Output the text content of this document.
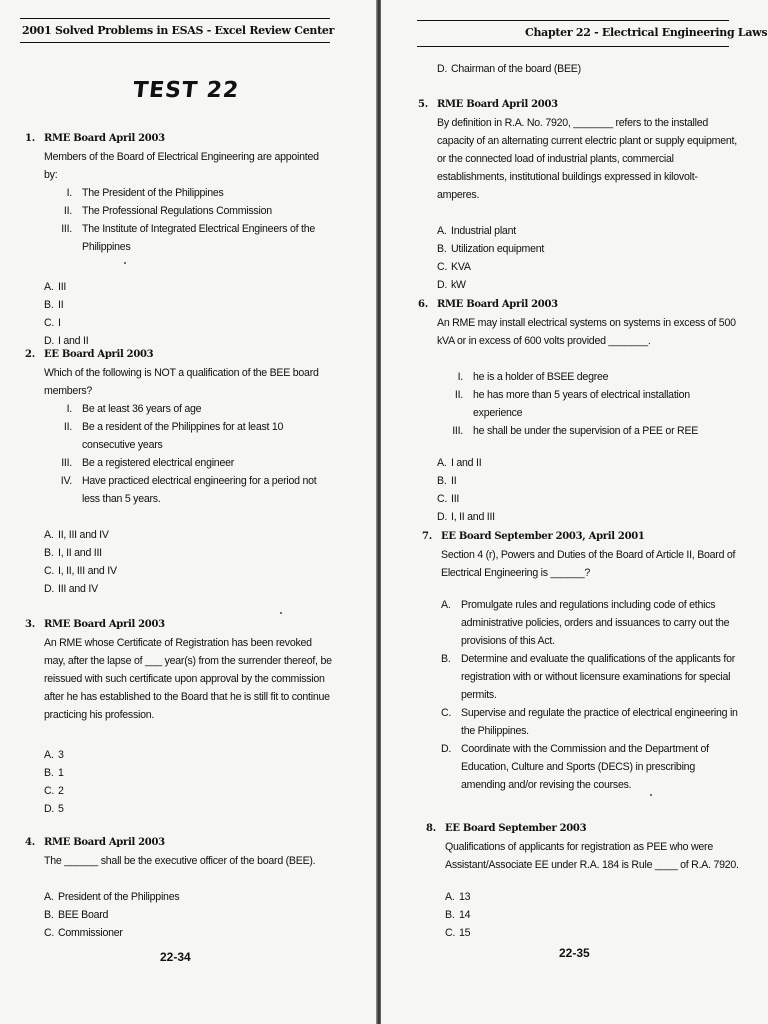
2001 Solved Problems in ESAS - Excel Review Center
TEST 22
1. RME Board April 2003

Members of the Board of Electrical Engineering are appointed by:

I. The President of the Philippines
II. The Professional Regulations Commission
III. The Institute of Integrated Electrical Engineers of the Philippines
A. III
B. II
C. I
D. I and II
2. EE Board April 2003

Which of the following is NOT a qualification of the BEE board members?

I. Be at least 36 years of age
II. Be a resident of the Philippines for at least 10 consecutive years
III. Be a registered electrical engineer
IV. Have practiced electrical engineering for a period not less than 5 years.
A. II, III and IV
B. I, II and III
C. I, II, III and IV
D. III and IV
3. RME Board April 2003

An RME whose Certificate of Registration has been revoked may, after the lapse of ___ year(s) from the surrender thereof, be reissued with such certificate upon approval by the commission after he has established to the Board that he is still fit to continue practicing his profession.

A. 3
B. 1
C. 2
D. 5
4. RME Board April 2003

The ______ shall be the executive officer of the board (BEE).

A. President of the Philippines
B. BEE Board
C. Commissioner
22-34
Chapter 22 - Electrical Engineering Laws
D. Chairman of the board (BEE)
5. RME Board April 2003

By definition in R.A. No. 7920, _______ refers to the installed capacity of an alternating current electric plant or supply equipment, or the connected load of industrial plants, commercial establishments, institutional buildings expressed in kilovolt-amperes.

A. Industrial plant
B. Utilization equipment
C. KVA
D. kW
6. RME Board April 2003

An RME may install electrical systems on systems in excess of 500 kVA or in excess of 600 volts provided _______.

I. he is a holder of BSEE degree
II. he has more than 5 years of electrical installation experience
III. he shall be under the supervision of a PEE or REE
A. I and II
B. II
C. III
D. I, II and III
7. EE Board September 2003, April 2001

Section 4 (r), Powers and Duties of the Board of Article II, Board of Electrical Engineering is ______?

A. Promulgate rules and regulations including code of ethics administrative policies, orders and issuances to carry out the provisions of this Act.
B. Determine and evaluate the qualifications of the applicants for registration with or without licensure examinations for special permits.
C. Supervise and regulate the practice of electrical engineering in the Philippines.
D. Coordinate with the Commission and the Department of Education, Culture and Sports (DECS) in prescribing amending and/or revising the courses.
8. EE Board September 2003

Qualifications of applicants for registration as PEE who were Assistant/Associate EE under R.A. 184 is Rule ____ of R.A. 7920.

A. 13
B. 14
C. 15
22-35
